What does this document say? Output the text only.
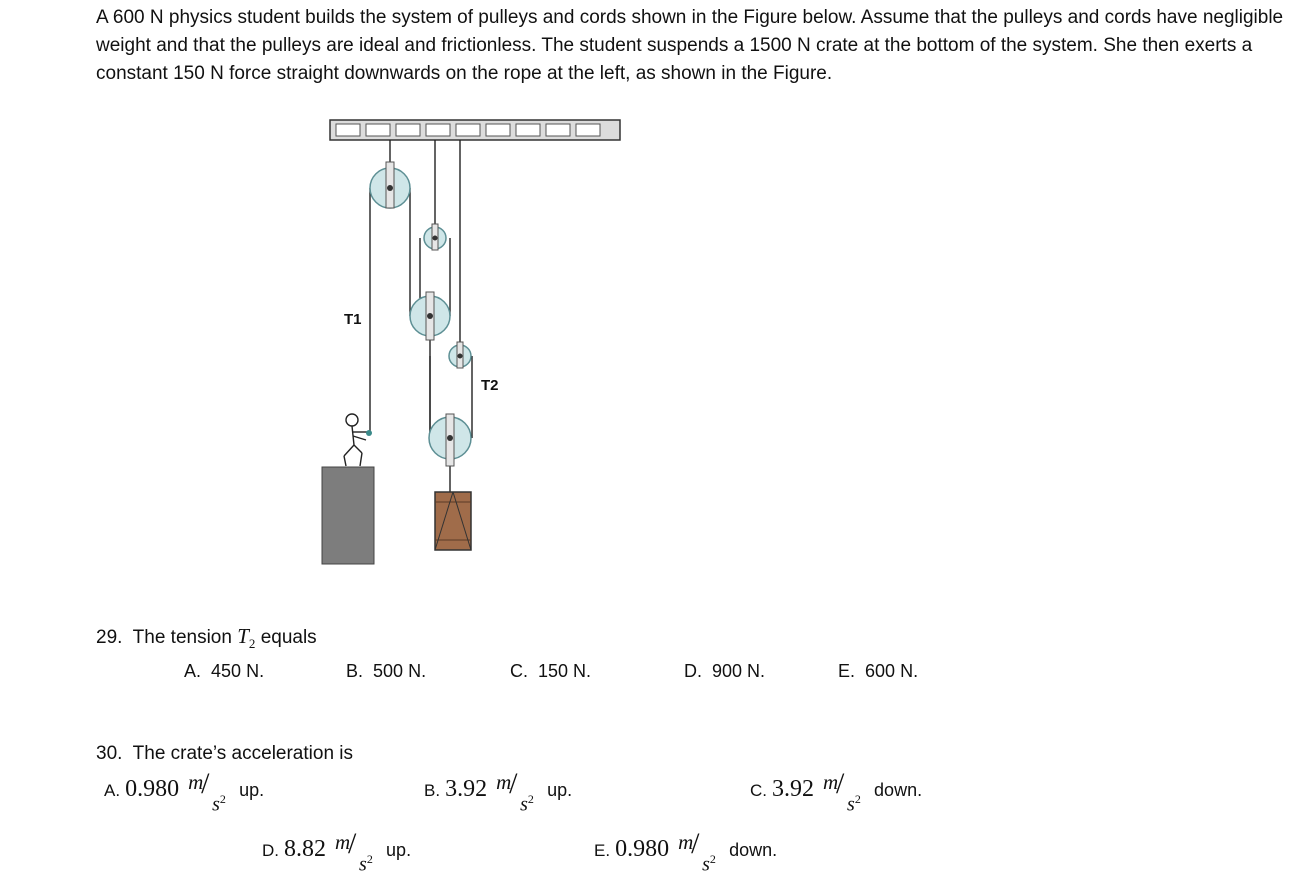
A 600 N physics student builds the system of pulleys and cords shown in the Figure below. Assume that the pulleys and cords have negligible weight and that the pulleys are ideal and frictionless. The student suspends a 1500 N crate at the bottom of the system. She then exerts a constant 150 N force straight downwards on the rope at the left, as shown in the Figure.

T1
T2
29. The tension $T_2$ equals
A. 450 N.	B. 500 N.	C. 150 N.	D. 900 N.	E. 600 N.
30. The crate’s acceleration is
A. 0.980 m
/
$s^2$ up.	B. 3.92 m
/
$s^2$ up.	C. 3.92 m
/
$s^2$ down.
D. 8.82 m
/
$s^2$ up.	E. 0.980 m
/
$s^2$ down.
